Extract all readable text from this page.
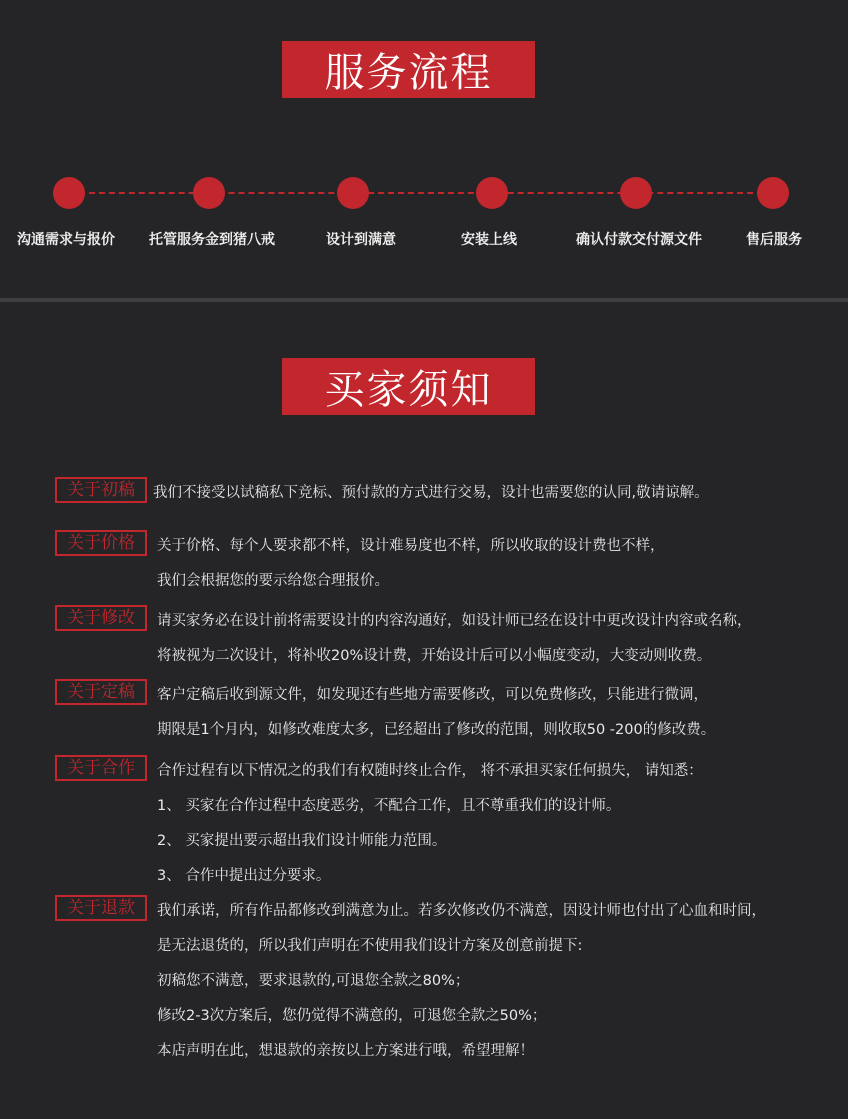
服务流程
沟通需求与报价	托管服务金到猪八戒	设计到满意	安装上线	确认付款交付源文件	售后服务
买家须知
关于初稿	我们不接受以试稿私下竞标、预付款的方式进行交易，设计也需要您的认同,敬请谅解。
关于价格	关于价格、每个人要求都不样，设计难易度也不样，所以收取的设计费也不样，
我们会根据您的要示给您合理报价。
关于修改	请买家务必在设计前将需要设计的内容沟通好，如设计师已经在设计中更改设计内容或名称，
将被视为二次设计，将补收20%设计费，开始设计后可以小幅度变动，大变动则收费。
关于定稿	客户定稿后收到源文件，如发现还有些地方需要修改，可以免费修改，只能进行微调，
期限是1个月内，如修改难度太多，已经超出了修改的范围，则收取50 -200的修改费。
关于合作	合作过程有以下情况之的我们有权随时终止合作， 将不承担买家任何损失， 请知悉：
1、 买家在合作过程中态度恶劣，不配合工作，且不尊重我们的设计师。
2、 买家提出要示超出我们设计师能力范围。
3、 合作中提出过分要求。
关于退款	我们承诺，所有作品都修改到满意为止。若多次修改仍不满意，因设计师也付出了心血和时间，
是无法退货的，所以我们声明在不使用我们设计方案及创意前提下:
初稿您不满意，要求退款的,可退您全款之80%；
修改2-3次方案后，您仍觉得不满意的，可退您全款之50%；
本店声明在此，想退款的亲按以上方案进行哦，希望理解！
